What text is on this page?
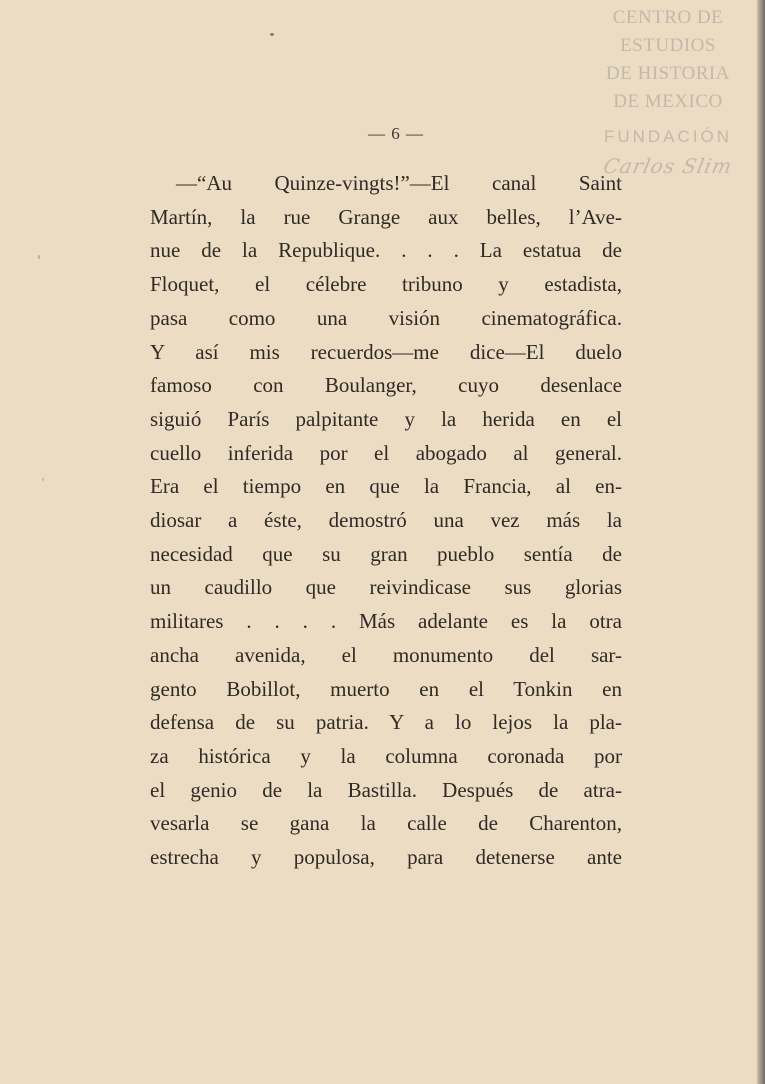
CENTRO DE
ESTUDIOS
DE HISTORIA
DE MEXICO
FUNDACIÓN
Carlos Slim
— 6 —
—“Au Quinze-vingts!”—El canal Saint
Martín, la rue Grange aux belles, l’Ave-
nue de la Republique. . . . La estatua de
Floquet, el célebre tribuno y estadista,
pasa como una visión cinematográfica.
Y así mis recuerdos—me dice—El duelo
famoso con Boulanger, cuyo desenlace
siguió París palpitante y la herida en el
cuello inferida por el abogado al general.
Era el tiempo en que la Francia, al en-
diosar a éste, demostró una vez más la
necesidad que su gran pueblo sentía de
un caudillo que reivindicase sus glorias
militares . . . . Más adelante es la otra
ancha avenida, el monumento del sar-
gento Bobillot, muerto en el Tonkin en
defensa de su patria. Y a lo lejos la pla-
za histórica y la columna coronada por
el genio de la Bastilla. Después de atra-
vesarla se gana la calle de Charenton,
estrecha y populosa, para detenerse ante
